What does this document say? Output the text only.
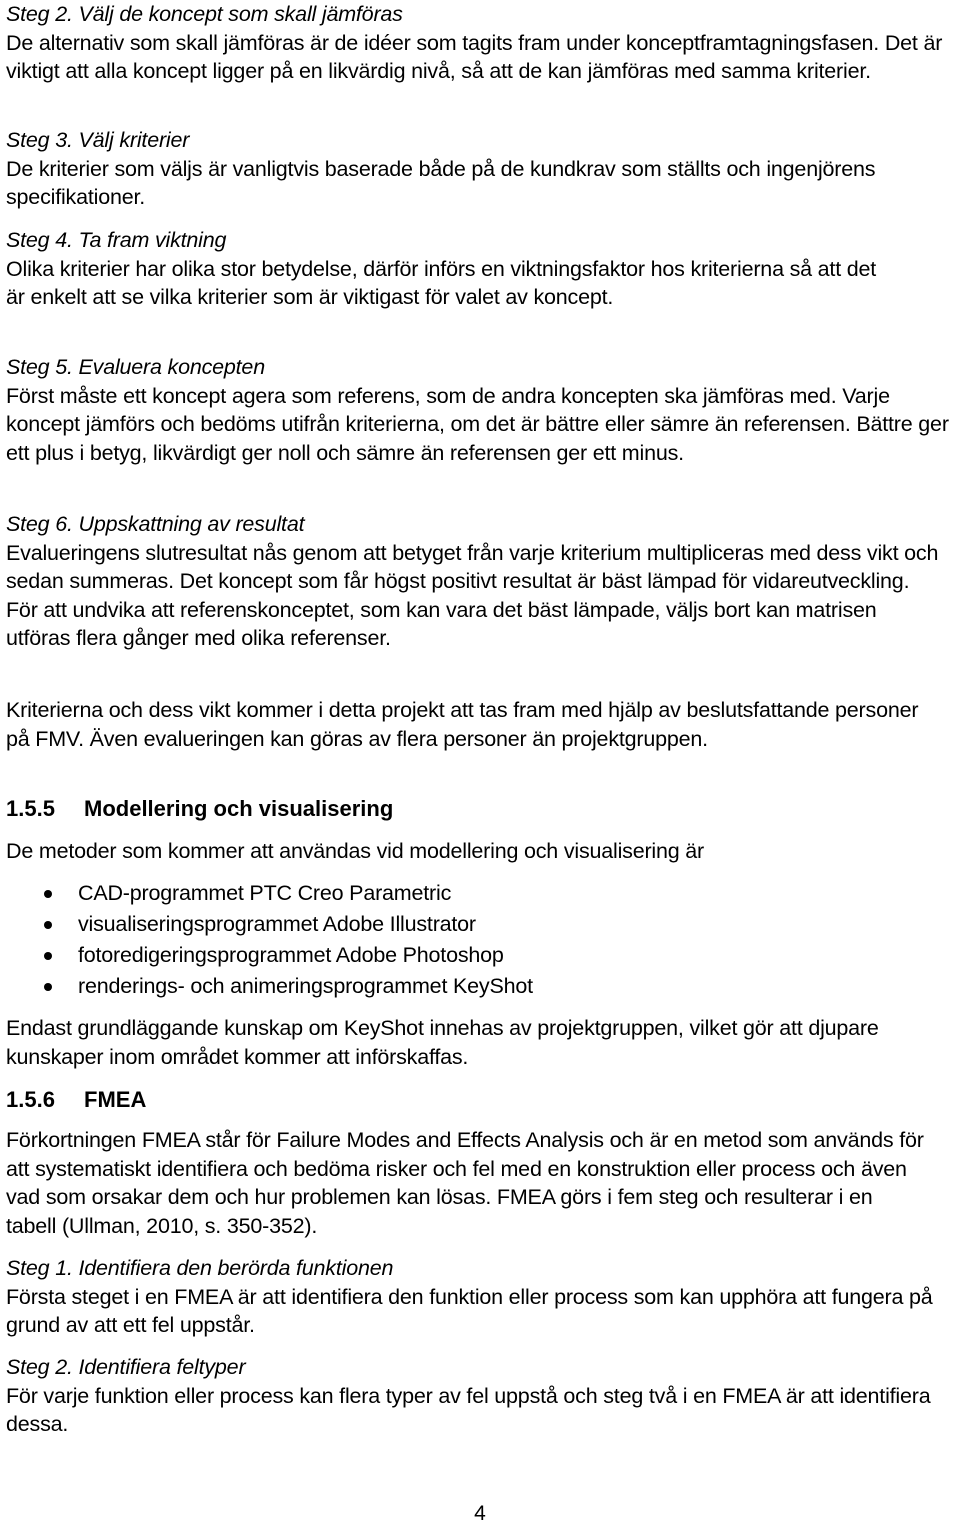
Steg 2. Välj de koncept som skall jämföras
De alternativ som skall jämföras är de idéer som tagits fram under konceptframtagningsfasen. Det är viktigt att alla koncept ligger på en likvärdig nivå, så att de kan jämföras med samma kriterier.
Steg 3. Välj kriterier
De kriterier som väljs är vanligtvis baserade både på de kundkrav som ställts och ingenjörens specifikationer.
Steg 4. Ta fram viktning
Olika kriterier har olika stor betydelse, därför införs en viktningsfaktor hos kriterierna så att det är enkelt att se vilka kriterier som är viktigast för valet av koncept.
Steg 5. Evaluera koncepten
Först måste ett koncept agera som referens, som de andra koncepten ska jämföras med. Varje koncept jämförs och bedöms utifrån kriterierna, om det är bättre eller sämre än referensen. Bättre ger ett plus i betyg, likvärdigt ger noll och sämre än referensen ger ett minus.
Steg 6. Uppskattning av resultat
Evalueringens slutresultat nås genom att betyget från varje kriterium multipliceras med dess vikt och sedan summeras. Det koncept som får högst positivt resultat är bäst lämpad för vidareutveckling. För att undvika att referenskonceptet, som kan vara det bäst lämpade, väljs bort kan matrisen utföras flera gånger med olika referenser.
Kriterierna och dess vikt kommer i detta projekt att tas fram med hjälp av beslutsfattande personer på FMV. Även evalueringen kan göras av flera personer än projektgruppen.
1.5.5 Modellering och visualisering
De metoder som kommer att användas vid modellering och visualisering är
CAD-programmet PTC Creo Parametric
visualiseringsprogrammet Adobe Illustrator
fotoredigeringsprogrammet Adobe Photoshop
renderings- och animeringsprogrammet KeyShot
Endast grundläggande kunskap om KeyShot innehas av projektgruppen, vilket gör att djupare kunskaper inom området kommer att införskaffas.
1.5.6 FMEA
Förkortningen FMEA står för Failure Modes and Effects Analysis och är en metod som används för att systematiskt identifiera och bedöma risker och fel med en konstruktion eller process och även vad som orsakar dem och hur problemen kan lösas. FMEA görs i fem steg och resulterar i en tabell (Ullman, 2010, s. 350-352).
Steg 1. Identifiera den berörda funktionen
Första steget i en FMEA är att identifiera den funktion eller process som kan upphöra att fungera på grund av att ett fel uppstår.
Steg 2. Identifiera feltyper
För varje funktion eller process kan flera typer av fel uppstå och steg två i en FMEA är att identifiera dessa.
4
